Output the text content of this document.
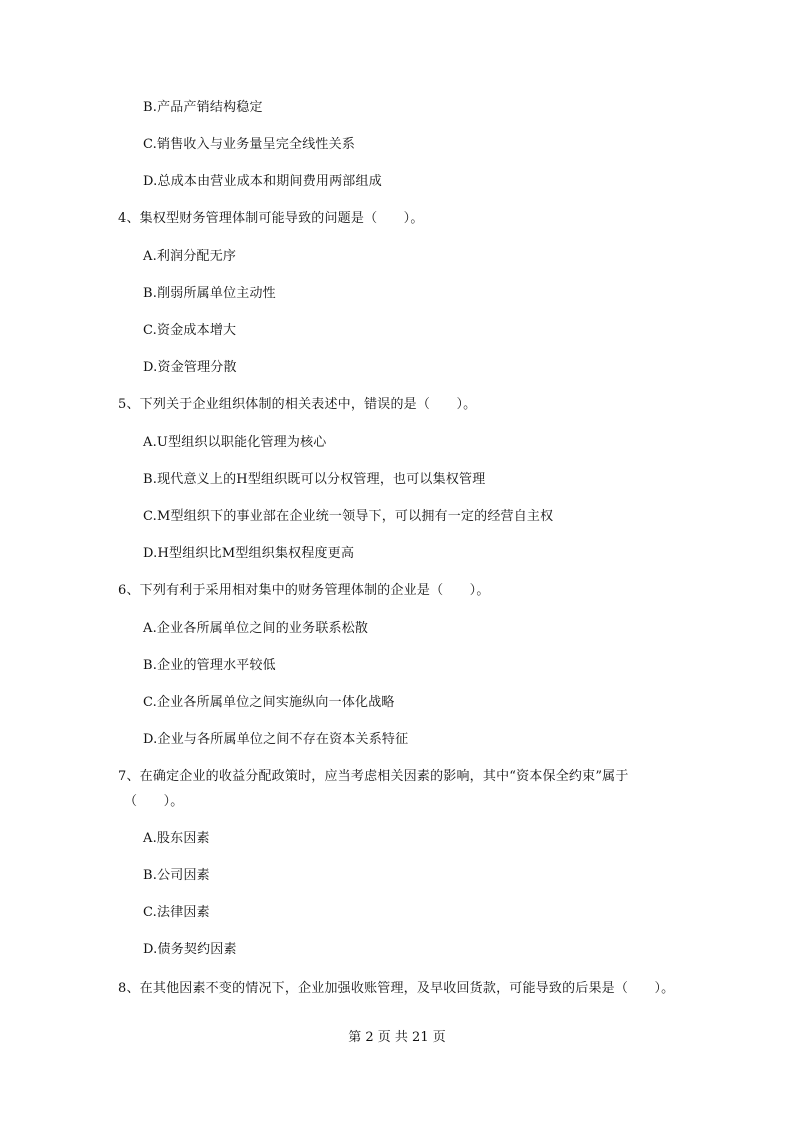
B.产品产销结构稳定
C.销售收入与业务量呈完全线性关系
D.总成本由营业成本和期间费用两部组成
4、集权型财务管理体制可能导致的问题是（　　）。
A.利润分配无序
B.削弱所属单位主动性
C.资金成本增大
D.资金管理分散
5、下列关于企业组织体制的相关表述中，错误的是（　　）。
A.U型组织以职能化管理为核心
B.现代意义上的H型组织既可以分权管理，也可以集权管理
C.M型组织下的事业部在企业统一领导下，可以拥有一定的经营自主权
D.H型组织比M型组织集权程度更高
6、下列有利于采用相对集中的财务管理体制的企业是（　　）。
A.企业各所属单位之间的业务联系松散
B.企业的管理水平较低
C.企业各所属单位之间实施纵向一体化战略
D.企业与各所属单位之间不存在资本关系特征
7、在确定企业的收益分配政策时，应当考虑相关因素的影响，其中“资本保全约束”属于
（　　）。
A.股东因素
B.公司因素
C.法律因素
D.债务契约因素
8、在其他因素不变的情况下，企业加强收账管理，及早收回货款，可能导致的后果是（　　）。
第 2 页 共 21 页
